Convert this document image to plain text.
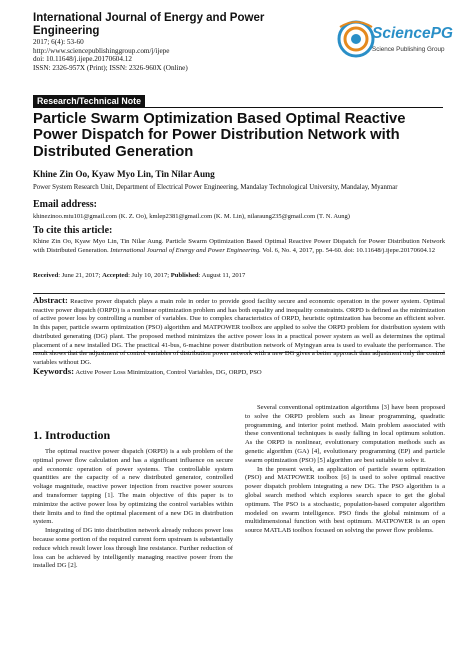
International Journal of Energy and Power Engineering
2017; 6(4): 53-60
http://www.sciencepublishinggroup.com/j/ijepe
doi: 10.11648/j.ijepe.20170604.12
ISSN: 2326-957X (Print); ISSN: 2326-960X (Online)
SciencePG
Science Publishing Group
Research/Technical Note
Particle Swarm Optimization Based Optimal Reactive Power Dispatch for Power Distribution Network with Distributed Generation
Khine Zin Oo, Kyaw Myo Lin, Tin Nilar Aung
Power System Research Unit, Department of Electrical Power Engineering, Mandalay Technological University, Mandalay, Myanmar
Email address:
khinezinoo.mtu101@gmail.com (K. Z. Oo), kmlep2381@gmail.com (K. M. Lin), nilaraung235@gmail.com (T. N. Aung)
To cite this article:
Khine Zin Oo, Kyaw Myo Lin, Tin Nilar Aung. Particle Swarm Optimization Based Optimal Reactive Power Dispatch for Power Distribution Network with Distributed Generation. International Journal of Energy and Power Engineering. Vol. 6, No. 4, 2017, pp. 54-60. doi: 10.11648/j.ijepe.20170604.12
Received: June 21, 2017; Accepted: July 10, 2017; Published: August 11, 2017
Abstract: Reactive power dispatch plays a main role in order to provide good facility secure and economic operation in the power system. Optimal reactive power dispatch (ORPD) is a nonlinear optimization problem and has both equality and inequality constraints. ORPD is defined as the minimization of active power loss by controlling a number of variables. Due to complex characteristics of ORPD, heuristic optimization has become an efficient solver. In this paper, particle swarm optimization (PSO) algorithm and MATPOWER toolbox are applied to solve the ORPD problem for distribution system with distributed generating (DG) plant. The proposed method minimizes the active power loss in a practical power system as well as determines the optimal placement of a new installed DG. The practical 41-bus, 6-machine power distribution network of Myingyan area is used to evaluate the performance. The result shows that the adjustment of control variables of distribution power network with a new DG gives a better approach than adjustment only the control variables without DG.
Keywords: Active Power Loss Minimization, Control Variables, DG, ORPD, PSO
1. Introduction

The optimal reactive power dispatch (ORPD) is a sub problem of the optimal power flow calculation and has a significant influence on secure and economic operation of power systems. The controllable system quantities are the capacity of a new distributed generator, controlled voltage magnitude, reactive power injection from reactive power sources and transformer tapping [1]. The main objective of this paper is to minimize the active power loss by optimizing the control variables within their limits and to find the optimal placement of a new DG in distribution system.

Integrating of DG into distribution network already reduces power loss because some portion of the required current form upstream is substantially reduce which result lower loss through line resistance. Further reduction of loss can be achieved by intelligently managing reactive power from the installed DG [2].

Several conventional optimization algorithms [3] have been proposed to solve the ORPD problem such as linear programming, quadratic programming, and interior point method. Main problem associated with these conventional techniques is easily falling in local optimum solution. As the ORPD is nonlinear, evolutionary computation methods such as genetic algorithm (GA) [4], evolutionary programming (EP) and particle swarm optimization (PSO) [5] algorithm are best suitable to solve it.

In the present work, an application of particle swarm optimization (PSO) and MATPOWER toolbox [6] is used to solve optimal reactive power dispatch problem integrating a new DG. The PSO algorithm is a global search method which explores search space to get the global optimum. The PSO is a stochastic, population-based computer algorithm modeled on swarm intelligence. PSO finds the global minimum of a multidimensional function with best optimum. MATPOWER is an open source MATLAB toolbox focused on solving the power flow problems.
